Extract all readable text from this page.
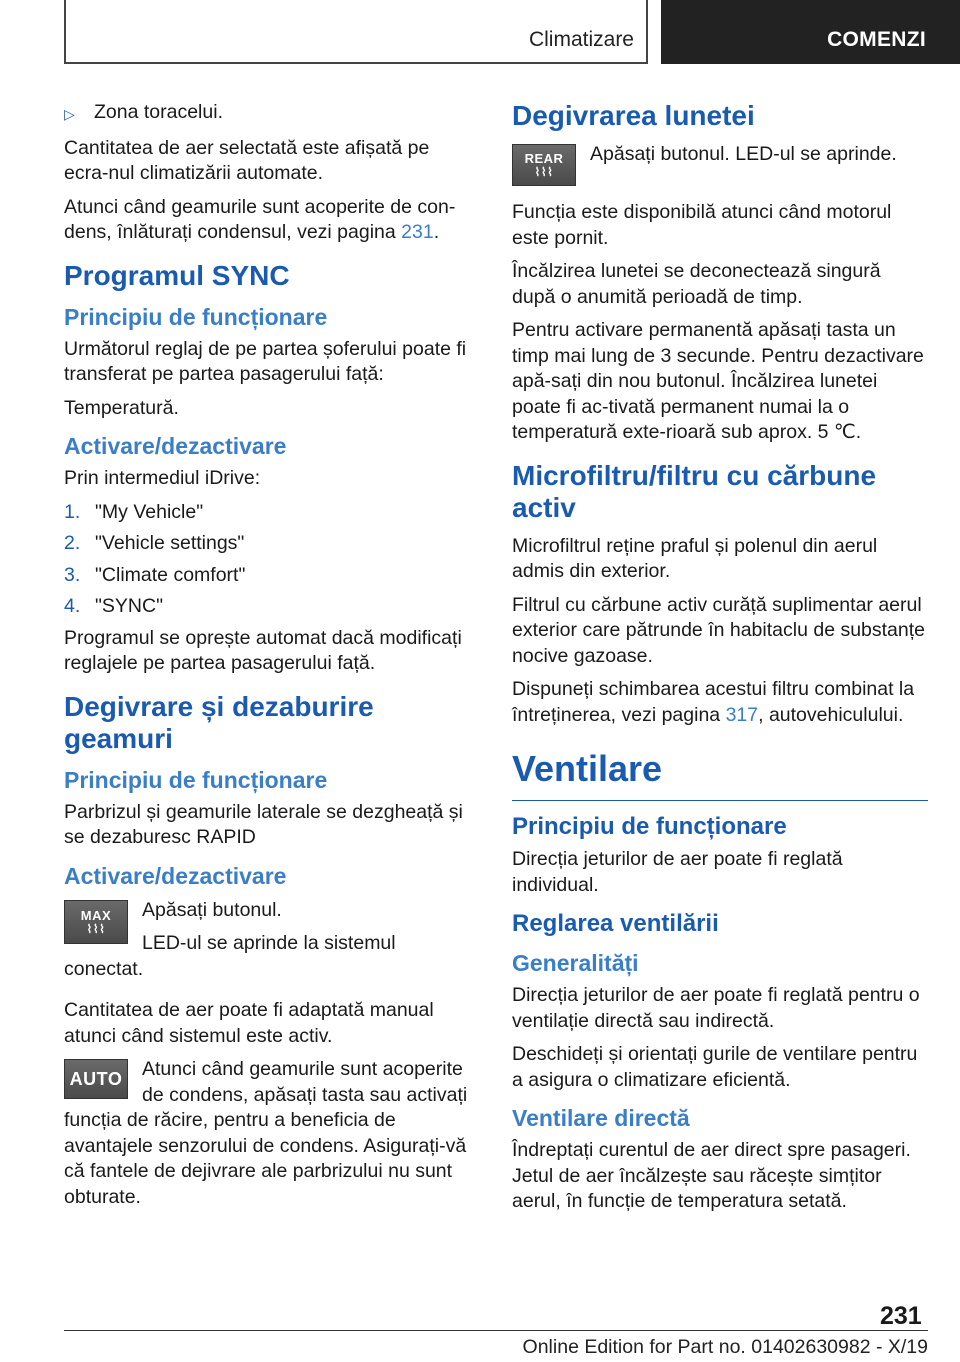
Climatizare	COMENZI
▷ Zona toracelui.

Cantitatea de aer selectată este afișată pe ecra-nul climatizării automate.

Atunci când geamurile sunt acoperite de con-dens, înlăturați condensul, vezi pagina 231.

Programul SYNC
Principiu de funcționare

Următorul reglaj de pe partea șoferului poate fi transferat pe partea pasagerului față:

Temperatură.

Activare/dezactivare

Prin intermediul iDrive:

1. "My Vehicle"
2. "Vehicle settings"
3. "Climate comfort"
4. "SYNC"

Programul se oprește automat dacă modificați reglajele pe partea pasagerului față.

Degivrare și dezaburire geamuri
Principiu de funcționare

Parbrizul și geamurile laterale se dezgheață și se dezaburesc RAPID

Activare/dezactivare
MAX
⌇⌇⌇

Apăsați butonul.

LED-ul se aprinde la sistemul conectat.

Cantitatea de aer poate fi adaptată manual atunci când sistemul este activ.

AUTO	Atunci când geamurile sunt acoperite de condens, apăsați tasta sau activați funcția de răcire, pentru a beneficia de avantajele senzorului de condens. Asigurați-vă că fantele de dejivrare ale parbrizului nu sunt obturate.

Degivrarea lunetei
REAR
⌇⌇⌇

Apăsați butonul. LED-ul se aprinde.

Funcția este disponibilă atunci când motorul este pornit.

Încălzirea lunetei se deconectează singură după o anumită perioadă de timp.

Pentru activare permanentă apăsați tasta un timp mai lung de 3 secunde. Pentru dezactivare apă-sați din nou butonul. Încălzirea lunetei poate fi ac-tivată permanent numai la o temperatură exte-rioară sub aprox. 5 ℃.

Microfiltru/filtru cu cărbune activ

Microfiltrul reține praful și polenul din aerul admis din exterior.

Filtrul cu cărbune activ curăță suplimentar aerul exterior care pătrunde în habitaclu de substanțe nocive gazoase.

Dispuneți schimbarea acestui filtru combinat la întreținerea, vezi pagina 317, autovehiculului.

Ventilare
Principiu de funcționare

Direcția jeturilor de aer poate fi reglată individual.

Reglarea ventilării
Generalități

Direcția jeturilor de aer poate fi reglată pentru o ventilație directă sau indirectă.

Deschideți și orientați gurile de ventilare pentru a asigura o climatizare eficientă.

Ventilare directă

Îndreptați curentul de aer direct spre pasageri. Jetul de aer încălzește sau răcește simțitor aerul, în funcție de temperatura setată.

231
Online Edition for Part no. 01402630982 - X/19
